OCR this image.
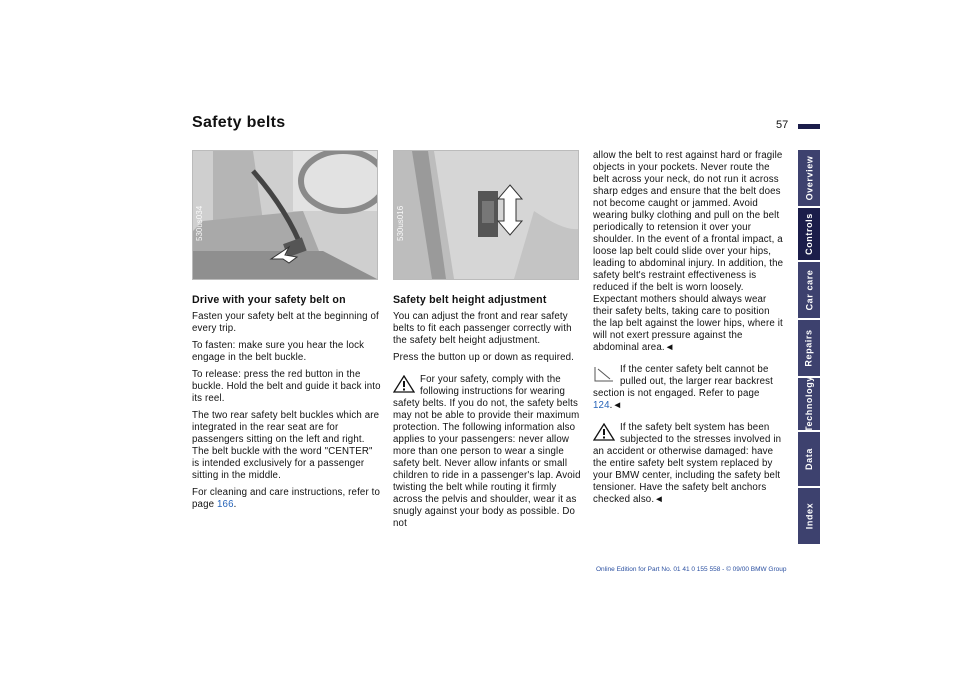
Safety belts	57
Overview
Controls
Car care
Repairs
Technology
Data
Index
530us034	530us016
Drive with your safety belt on

Fasten your safety belt at the beginning of every trip.

To fasten: make sure you hear the lock engage in the belt buckle.

To release: press the red button in the buckle. Hold the belt and guide it back into its reel.

The two rear safety belt buckles which are integrated in the rear seat are for passengers sitting on the left and right. The belt buckle with the word "CENTER" is intended exclusively for a passenger sitting in the middle.

For cleaning and care instructions, refer to page 166.

Safety belt height adjustment

You can adjust the front and rear safety belts to fit each passenger correctly with the safety belt height adjustment.

Press the button up or down as required.

For your safety, comply with the following instructions for wearing safety belts. If you do not, the safety belts may not be able to provide their maximum protection. The following information also applies to your passengers: never allow more than one person to wear a single safety belt. Never allow infants or small children to ride in a passenger's lap. Avoid twisting the belt while routing it firmly across the pelvis and shoulder, wear it as snugly against your body as possible. Do not

allow the belt to rest against hard or fragile objects in your pockets. Never route the belt across your neck, do not run it across sharp edges and ensure that the belt does not become caught or jammed. Avoid wearing bulky clothing and pull on the belt periodically to retension it over your shoulder. In the event of a frontal impact, a loose lap belt could slide over your hips, leading to abdominal injury. In addition, the safety belt's restraint effectiveness is reduced if the belt is worn loosely. Expectant mothers should always wear their safety belts, taking care to position the lap belt against the lower hips, where it will not exert pressure against the abdominal area.◄

If the center safety belt cannot be pulled out, the larger rear backrest section is not engaged. Refer to page 124.◄

If the safety belt system has been subjected to the stresses involved in an accident or otherwise damaged: have the entire safety belt system replaced by your BMW center, including the safety belt tensioner. Have the safety belt anchors checked also.◄

Online Edition for Part No. 01 41 0 155 558 - © 09/00 BMW Group
